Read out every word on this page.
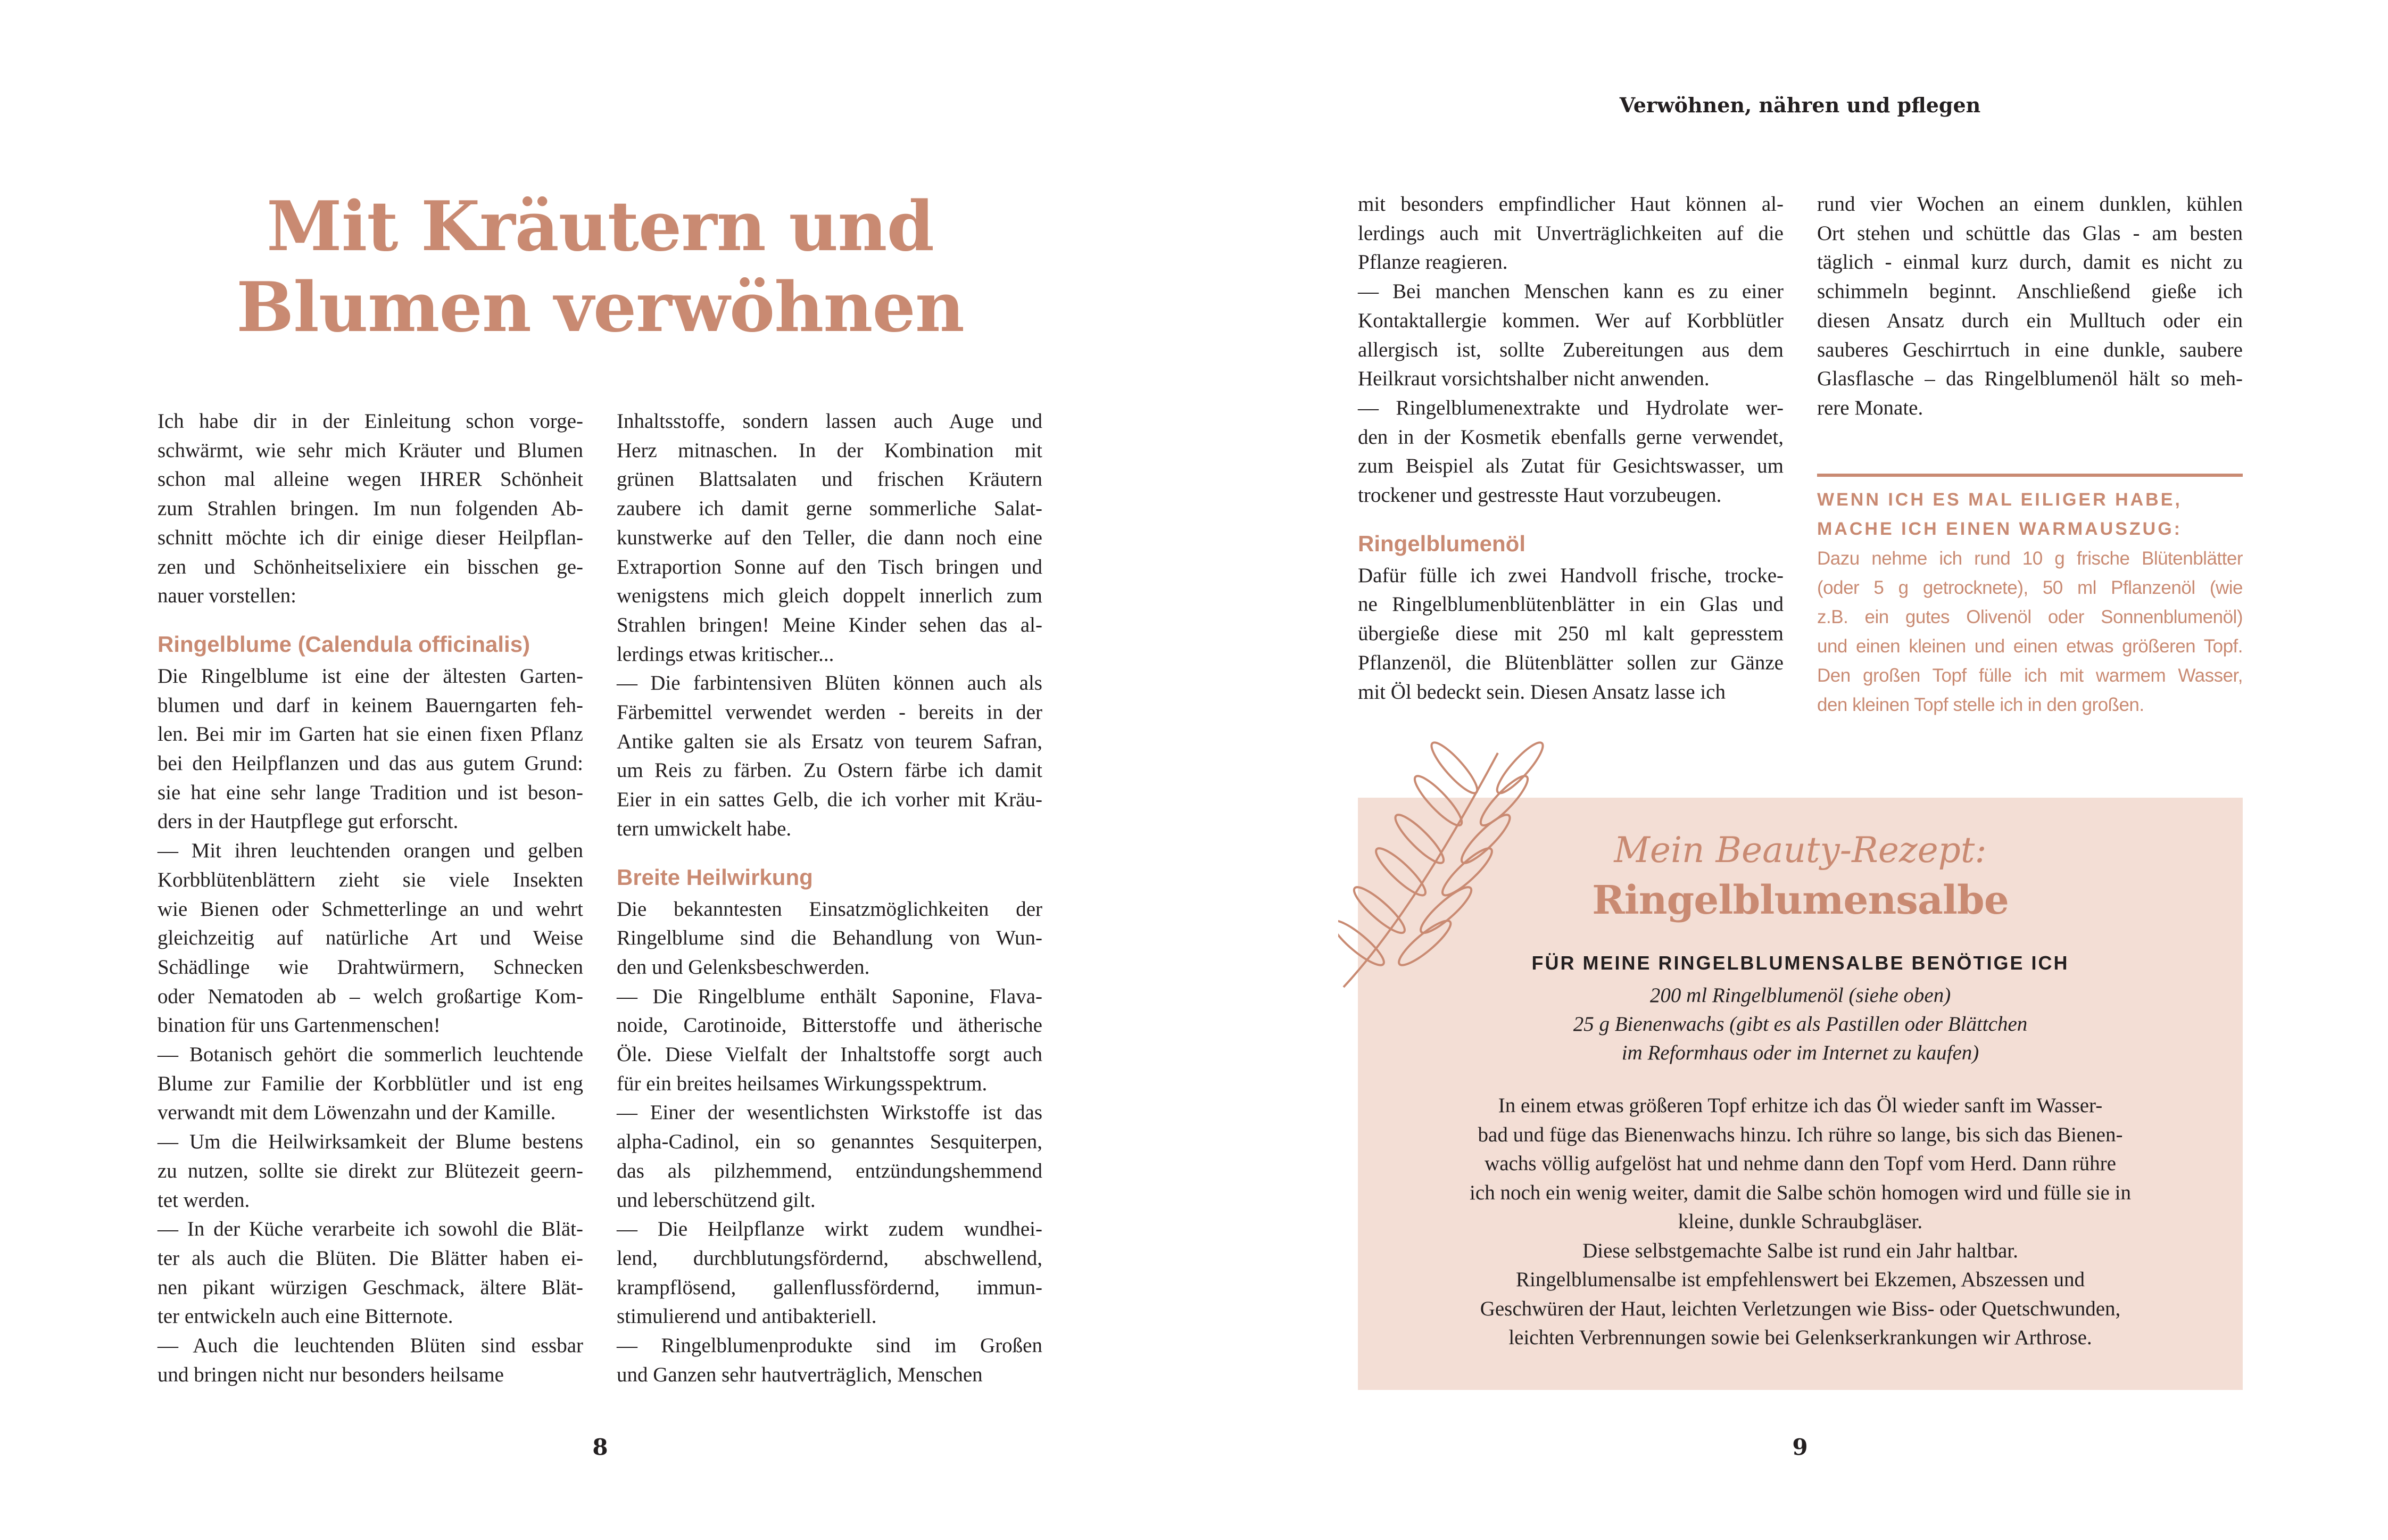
Verwöhnen, nähren und pflegen
Mit Kräutern und
Blumen verwöhnen
Ich habe dir in der Einleitung schon vorge-
schwärmt, wie sehr mich Kräuter und Blumen
schon mal alleine wegen IHRER Schönheit
zum Strahlen bringen. Im nun folgenden Ab-
schnitt möchte ich dir einige dieser Heilpflan-
zen und Schönheitselixiere ein bisschen ge-
nauer vorstellen:
Ringelblume (Calendula officinalis)
Die Ringelblume ist eine der ältesten Garten-
blumen und darf in keinem Bauerngarten feh-
len. Bei mir im Garten hat sie einen fixen Pflanz
bei den Heilpflanzen und das aus gutem Grund:
sie hat eine sehr lange Tradition und ist beson-
ders in der Hautpflege gut erforscht.
— Mit ihren leuchtenden orangen und gelben
Korbblütenblättern zieht sie viele Insekten
wie Bienen oder Schmetterlinge an und wehrt
gleichzeitig auf natürliche Art und Weise
Schädlinge wie Drahtwürmern, Schnecken
oder Nematoden ab – welch großartige Kom-
bination für uns Gartenmenschen!
— Botanisch gehört die sommerlich leuchtende
Blume zur Familie der Korbblütler und ist eng
verwandt mit dem Löwenzahn und der Kamille.
— Um die Heilwirksamkeit der Blume bestens
zu nutzen, sollte sie direkt zur Blütezeit geern-
tet werden.
— In der Küche verarbeite ich sowohl die Blät-
ter als auch die Blüten. Die Blätter haben ei-
nen pikant würzigen Geschmack, ältere Blät-
ter entwickeln auch eine Bitternote.
— Auch die leuchtenden Blüten sind essbar
und bringen nicht nur besonders heilsame
Inhaltsstoffe, sondern lassen auch Auge und
Herz mitnaschen. In der Kombination mit
grünen Blattsalaten und frischen Kräutern
zaubere ich damit gerne sommerliche Salat-
kunstwerke auf den Teller, die dann noch eine
Extraportion Sonne auf den Tisch bringen und
wenigstens mich gleich doppelt innerlich zum
Strahlen bringen! Meine Kinder sehen das al-
lerdings etwas kritischer...
— Die farbintensiven Blüten können auch als
Färbemittel verwendet werden - bereits in der
Antike galten sie als Ersatz von teurem Safran,
um Reis zu färben. Zu Ostern färbe ich damit
Eier in ein sattes Gelb, die ich vorher mit Kräu-
tern umwickelt habe.
Breite Heilwirkung
Die bekanntesten Einsatzmöglichkeiten der
Ringelblume sind die Behandlung von Wun-
den und Gelenksbeschwerden.
— Die Ringelblume enthält Saponine, Flava-
noide, Carotinoide, Bitterstoffe und ätherische
Öle. Diese Vielfalt der Inhaltstoffe sorgt auch
für ein breites heilsames Wirkungsspektrum.
— Einer der wesentlichsten Wirkstoffe ist das
alpha-Cadinol, ein so genanntes Sesquiterpen,
das als pilzhemmend, entzündungshemmend
und leberschützend gilt.
— Die Heilpflanze wirkt zudem wundhei-
lend, durchblutungsfördernd, abschwellend,
krampflösend, gallenflussfördernd, immun-
stimulierend und antibakteriell.
— Ringelblumenprodukte sind im Großen
und Ganzen sehr hautverträglich, Menschen
mit besonders empfindlicher Haut können al-
lerdings auch mit Unverträglichkeiten auf die
Pflanze reagieren.
— Bei manchen Menschen kann es zu einer
Kontaktallergie kommen. Wer auf Korbblütler
allergisch ist, sollte Zubereitungen aus dem
Heilkraut vorsichtshalber nicht anwenden.
— Ringelblumenextrakte und Hydrolate wer-
den in der Kosmetik ebenfalls gerne verwendet,
zum Beispiel als Zutat für Gesichtswasser, um
trockener und gestresste Haut vorzubeugen.
Ringelblumenöl
Dafür fülle ich zwei Handvoll frische, trocke-
ne Ringelblumenblütenblätter in ein Glas und
übergieße diese mit 250 ml kalt gepresstem
Pflanzenöl, die Blütenblätter sollen zur Gänze
mit Öl bedeckt sein. Diesen Ansatz lasse ich
rund vier Wochen an einem dunklen, kühlen
Ort stehen und schüttle das Glas - am besten
täglich - einmal kurz durch, damit es nicht zu
schimmeln beginnt. Anschließend gieße ich
diesen Ansatz durch ein Mulltuch oder ein
sauberes Geschirrtuch in eine dunkle, saubere
Glasflasche – das Ringelblumenöl hält so meh-
rere Monate.
WENN ICH ES MAL EILIGER HABE,
MACHE ICH EINEN WARMAUSZUG:
Dazu nehme ich rund 10 g frische Blütenblätter
(oder 5 g getrocknete), 50 ml Pflanzenöl (wie
z.B. ein gutes Olivenöl oder Sonnenblumenöl)
und einen kleinen und einen etwas größeren Topf.
Den großen Topf fülle ich mit warmem Wasser,
den kleinen Topf stelle ich in den großen.
Mein Beauty-Rezept:
Ringelblumensalbe
FÜR MEINE RINGELBLUMENSALBE BENÖTIGE ICH
200 ml Ringelblumenöl (siehe oben)
25 g Bienenwachs (gibt es als Pastillen oder Blättchen
im Reformhaus oder im Internet zu kaufen)
In einem etwas größeren Topf erhitze ich das Öl wieder sanft im Wasser-
bad und füge das Bienenwachs hinzu. Ich rühre so lange, bis sich das Bienen-
wachs völlig aufgelöst hat und nehme dann den Topf vom Herd. Dann rühre
ich noch ein wenig weiter, damit die Salbe schön homogen wird und fülle sie in
kleine, dunkle Schraubgläser.
Diese selbstgemachte Salbe ist rund ein Jahr haltbar.
Ringelblumensalbe ist empfehlenswert bei Ekzemen, Abszessen und
Geschwüren der Haut, leichten Verletzungen wie Biss- oder Quetschwunden,
leichten Verbrennungen sowie bei Gelenkserkrankungen wir Arthrose.
8	9
